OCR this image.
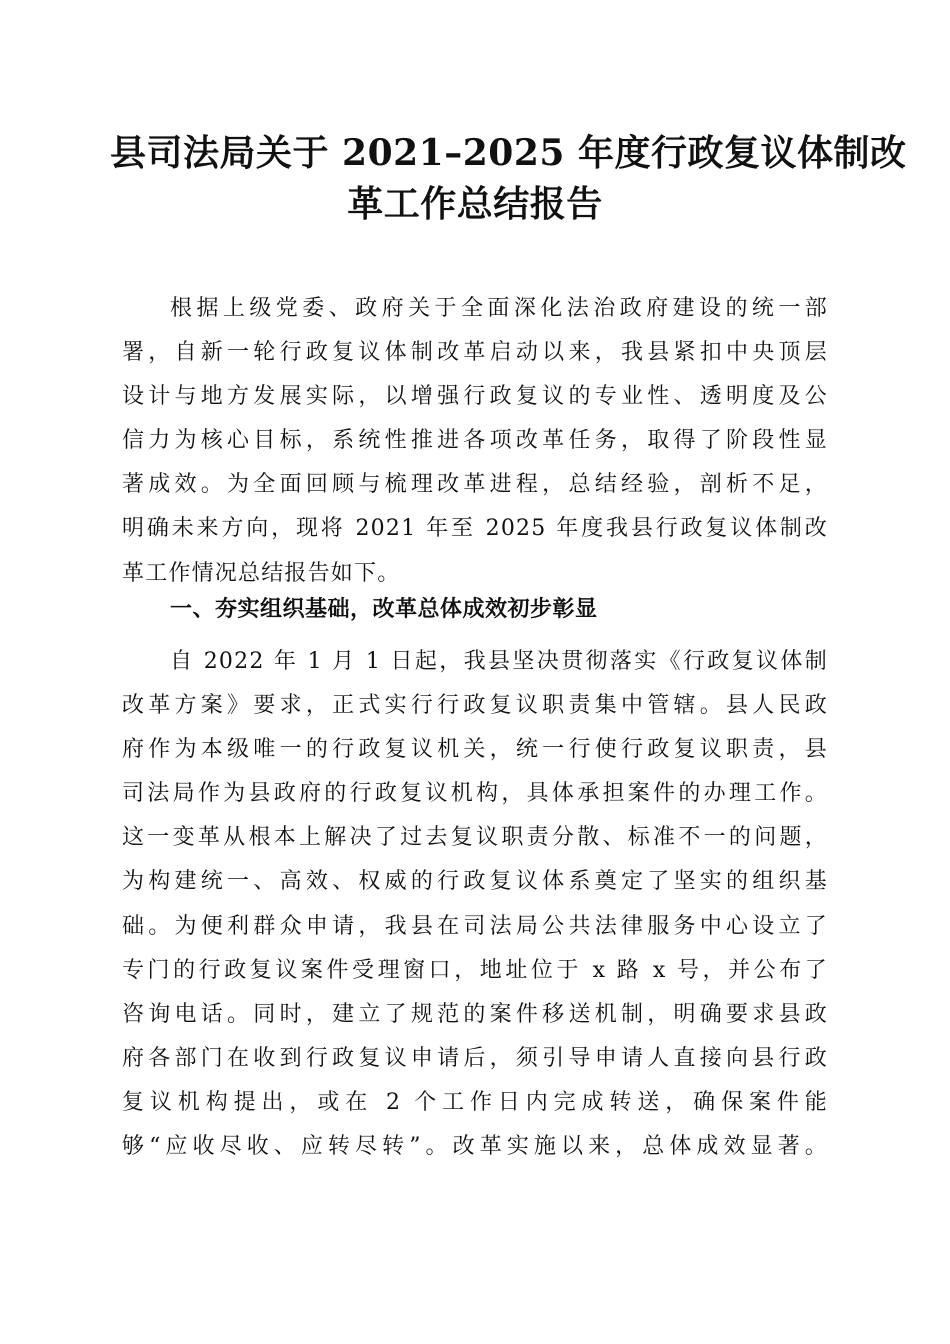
县司法局关于 2021–2025 年度行政复议体制改
革工作总结报告
根据上级党委、政府关于全面深化法治政府建设的统一部
署，自新一轮行政复议体制改革启动以来，我县紧扣中央顶层
设计与地方发展实际，以增强行政复议的专业性、透明度及公
信力为核心目标，系统性推进各项改革任务，取得了阶段性显
著成效。为全面回顾与梳理改革进程，总结经验，剖析不足，
明确未来方向，现将 2021 年至 2025 年度我县行政复议体制改
革工作情况总结报告如下。
一、夯实组织基础，改革总体成效初步彰显
自 2022 年 1 月 1 日起，我县坚决贯彻落实《行政复议体制
改革方案》要求，正式实行行政复议职责集中管辖。县人民政
府作为本级唯一的行政复议机关，统一行使行政复议职责，县
司法局作为县政府的行政复议机构，具体承担案件的办理工作。
这一变革从根本上解决了过去复议职责分散、标准不一的问题，
为构建统一、高效、权威的行政复议体系奠定了坚实的组织基
础。为便利群众申请，我县在司法局公共法律服务中心设立了
专门的行政复议案件受理窗口，地址位于 x 路 x 号，并公布了
咨询电话。同时，建立了规范的案件移送机制，明确要求县政
府各部门在收到行政复议申请后，须引导申请人直接向县行政
复议机构提出，或在 2 个工作日内完成转送，确保案件能
够“应收尽收、应转尽转”。改革实施以来，总体成效显著。
